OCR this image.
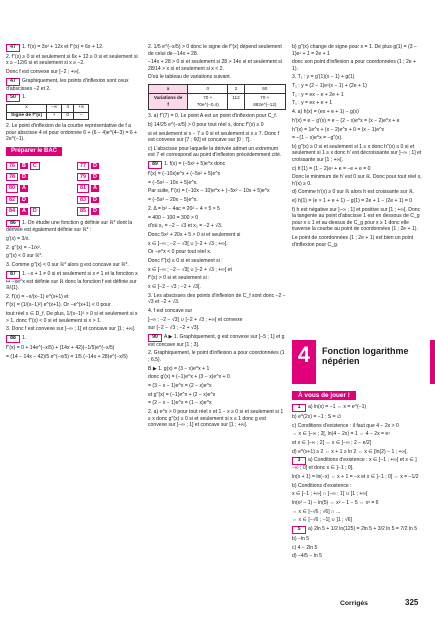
47 1. f'(x) = 3x² + 12x et f''(x) = 6x + 12.
2. f''(x) ≥ 0 si et seulement si 6x + 12 ≥ 0 si et seulement si x ≥ −12/6 si et seulement si x ≥ −2.
Donc f est convexe sur [−2 ; +∞[.
47 Graphiquement, les points d'inflexion sont ceux d'abscisses −2 et 2.
50 1.
x	−∞	4	+∞
Signe de f''(x)	+	0	−
2. Le point d'inflexion de la courbe représentative de f a pour abscisse 4 et pour ordonnée 6 + (6 − 4)e^(4−3) = 6 + 2e^(−1).
Préparer le BAC
76	B	C	77	D
78	D	79	D
80	A	81	A
82	D	83	D
84	A	D	85	D
86 1. On étudie une fonction g définie sur ℝ* dont la dérivée est également définie sur ℝ* :
g'(x) = 3/x.
2. g''(x) = −1/x².
g''(x) < 0 sur ℝ*.
3. Comme g''(x) < 0 sur ℝ* alors g est concave sur ℝ*.
87 1. −x + 1 ≠ 0 si et seulement si x ≠ 1 et la fonction x ↦ −xe^x est définie sur ℝ donc la fonction f est définie sur ℝ\{1}.
2. f'(x) = −x/(x−1) e^(x+1) et
f''(x) = (1/(x−1)²) e^(x+1). Or −e^(x+1) < 0 pour
tout réel x ∈ D_f. De plus, 1/(x−1)² > 0 si et seulement si x > 1, donc f''(x) < 0 si et seulement si x > 1.
3. Donc f est convexe sur ]−∞ ; 1[ et concave sur ]1 ; +∞[.
88 1.
f''(x) = 0 + 14e^(−x/5) + (14x + 42)(−1/5)e^(−x/5)
= (14 − 14x − 42)/5 e^(−x/5) = 1/5 (−14x + 28)e^(−x/5)
2. 1/5 e^(−x/5) > 0 donc le signe de f''(x) dépend seulement de celui de −14x + 28.
−14x + 28 > 0 si et seulement si 28 > 14x si et seulement si 28/14 > x si et seulement si x < 2.
D'où le tableau de variations suivant.
x	0	2	60
Variations de f	70 + 70e^(−0,4)	112	70 + 882e^(−12)
3. a) f''(7) = 0. Le point A est un point d'inflexion pour C_f.
b) 14/25 e^(−x/5) > 0 pour tout réel x, donc f''(x) ≥ 0
si et seulement si x − 7 ≥ 0 si et seulement si x ≥ 7. Donc f est convexe sur [7 ; 60] et concave sur [0 ; 7].
c) L'abscisse pour laquelle la dérivée admet un extremum est 7 et correspond au point d'inflexion précédemment cité.
89 1. f(x) = (−5x² + 5)e^x donc
f'(x) = (−10x)e^x + (−5x² + 5)e^x
= (−5x² − 10x + 5)e^x.
Par suite, f''(x) = (−10x − 10)e^x + (−5x² − 10x + 5)e^x
= (−5x² − 20x − 5)e^x.
2. Δ = b² − 4ac = 20² − 4 × 5 × 5
= 400 − 100 = 300 > 0
d'où x₁ = −2 − √3 et x₂ = −2 + √3.
Donc 5x² + 20x + 5 > 0 si et seulement si
x ∈ ]−∞ ; −2 − √3[ ∪ ]−2 + √3 ; +∞[.
Or −e^x < 0 pour tout réel x.
Donc f''(x) ≤ 0 si et seulement si :
x ∈ ]−∞ ; −2 − √3[ ∪ ]−2 + √3 ; +∞[ et
f''(x) > 0 si et seulement si :
x ∈ ]−2 − √3 ; −2 + √3[.
3. Les abscisses des points d'inflexion de C_f sont donc −2 − √3 et −2 + √3.
4. f est concave sur
]−∞ ; −2 − √3] ∪ [−2 + √3 ; +∞[ et convexe
sur [−2 − √3 ; −2 + √3].
90 A ▶ 1. Graphiquement, g est convexe sur [−5 ; 1] et g est concave sur [1 ; 3].
2. Graphiquement, le point d'inflexion a pour coordonnées (1 ; 6,5).
B ▶ 1. g(x) = (3 − x)e^x + 1
donc g'(x) = (−1)e^x + (3 − x)e^x + 0
= (3 − x − 1)e^x = (2 − x)e^x
et g''(x) = (−1)e^x + (2 − x)e^x
= (2 − x − 1)e^x = (1 − x)e^x
2. a) e^x > 0 pour tout réel x et 1 − x ≥ 0 si et seulement si 1 ≥ x donc g''(x) ≥ 0 si et seulement si x ≤ 1 donc g est convexe sur ]−∞ ; 1] et concave sur [1 ; +∞[.
b) g''(x) change de signe pour x = 1. De plus g(1) = (3 − 1)e¹ + 1 = 2e + 1
donc son point d'inflexion a pour coordonnées (1 ; 2e + 1).
3. T₁ : y = g'(1)(x − 1) + g(1)
T₁ : y = (2 − 1)e¹(x − 1) + (2e + 1)
T₁ : y = ex − e + 2e + 1
T₁ : y = ex + e + 1
4. a) h(x) = (ex + e + 1) − g(x)
h'(x) = e − g'(x) = e − (2 − x)e^x = (x − 2)e^x + e
h''(x) = 1e^x + (x − 2)e^x + 0 = (x − 1)e^x
= −(1 − x)e^x = −g''(x).
b) g''(x) ≥ 0 si et seulement si 1 ≥ x donc h''(x) ≤ 0 si et seulement si 1 ≥ x donc h' est décroissante sur ]−∞ ; 1] et croissante sur [1 ; +∞[.
c) h'(1) = (1 − 2)e¹ + e = −e + e = 0
Donc le minimum de h' est 0 sur ℝ. Donc pour tout réel x, h'(x) ≥ 0.
d) Comme h'(x) ≥ 0 sur ℝ alors h est croissante sur ℝ.
e) h(1) = (e × 1 + e + 1) − g(1) = 2e + 1 − (2e + 1) = 0
f) h est négative sur ]−∞ ; 1] et positive sur [1 ; +∞[. Donc la tangente au point d'abscisse 1 est en dessous de C_g pour x ≤ 1 et au-dessus de C_g pour x ≥ 1 donc elle traverse la courbe au point de coordonnées (1 ; 2e + 1).
Le point de coordonnées (1 ; 2e + 1) est bien un point d'inflexion pour C_g.
4	Fonction logarithme népérien
À vous de jouer !
1 a) ln(x) = −1 ⇔ x = e^(−1)
b) e^(2x) = −1 ; S = ∅
c) Conditions d'existence : il faut que 4 − 2x > 0
⇔ x ∈ ]−∞ ; 2[, ln(4 − 2x) = 1 ⇔ 4 − 2x = e¹
et x ∈ ]−∞ ; 2[ ⇔ x ∈ ]−∞ ; 2 − e/2]
d) e^(x+1) ≥ 2 ⇔ x + 1 ≥ ln 2 ⇔ x ∈ [ln(2) − 1 ; +∞[.
3 a) Conditions d'existence : x ∈ ]−1 ; +∞[ et x ∈ ]−∞ ; 0[ et donc x ∈ ]−1 ; 0[.
ln(x + 1) = ln(−x) ⇔ x + 1 = −x et x ∈ ]−1 ; 0[ ⇔ x = −1/2
b) Conditions d'existence :
x ∈ ]−1 ; +∞[ ∩ ]−∞ ; 1[ ∪ ]1 ; +∞[
ln(x² − 1) − ln(5) ⇔ x² − 1 − 5 ⇔ x² = 6
⇔ x ∈ [−√6 ; √6] ∩ ...
⇔ x ∈ [−√6 ; −1[ ∪ ]1 ; √6]
5 a) 2ln 5 + 1/2 ln(125) = 2ln 5 + 3/2 ln 5 = 7/2 ln 5
b) −ln 5
c) 4 − 2ln 5
d) −4/5 − ln 5
Corrigés	325
